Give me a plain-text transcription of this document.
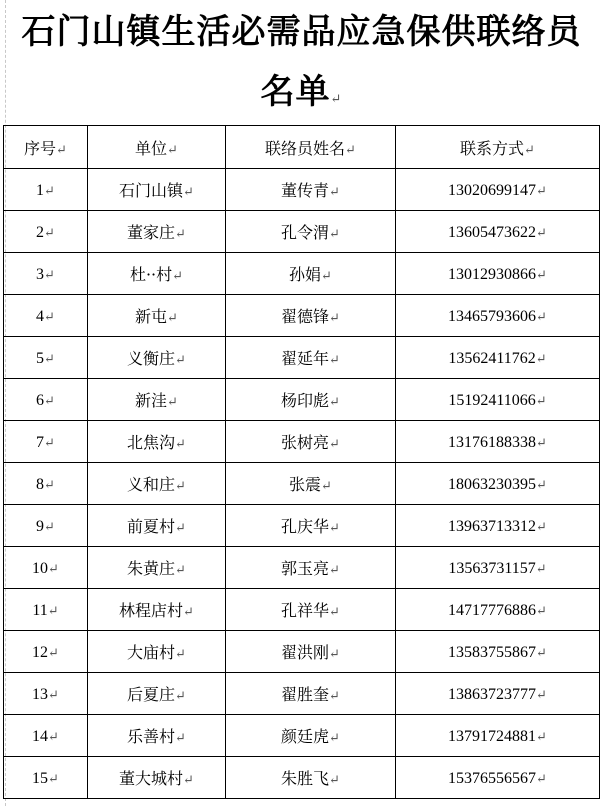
石门山镇生活必需品应急保供联络员
名单↵
序号↵	单位↵	联络员姓名↵	联系方式↵
1↵	石门山镇↵	董传青↵	13020699147↵
2↵	董家庄↵	孔令渭↵	13605473622↵
3↵	杜··村↵	孙娟↵	13012930866↵
4↵	新屯↵	翟德锋↵	13465793606↵
5↵	义衡庄↵	翟延年↵	13562411762↵
6↵	新洼↵	杨印彪↵	15192411066↵
7↵	北焦沟↵	张树亮↵	13176188338↵
8↵	义和庄↵	张震↵	18063230395↵
9↵	前夏村↵	孔庆华↵	13963713312↵
10↵	朱黄庄↵	郭玉亮↵	13563731157↵
11↵	林程店村↵	孔祥华↵	14717776886↵
12↵	大庙村↵	翟洪刚↵	13583755867↵
13↵	后夏庄↵	翟胜奎↵	13863723777↵
14↵	乐善村↵	颜廷虎↵	13791724881↵
15↵	董大城村↵	朱胜飞↵	15376556567↵
